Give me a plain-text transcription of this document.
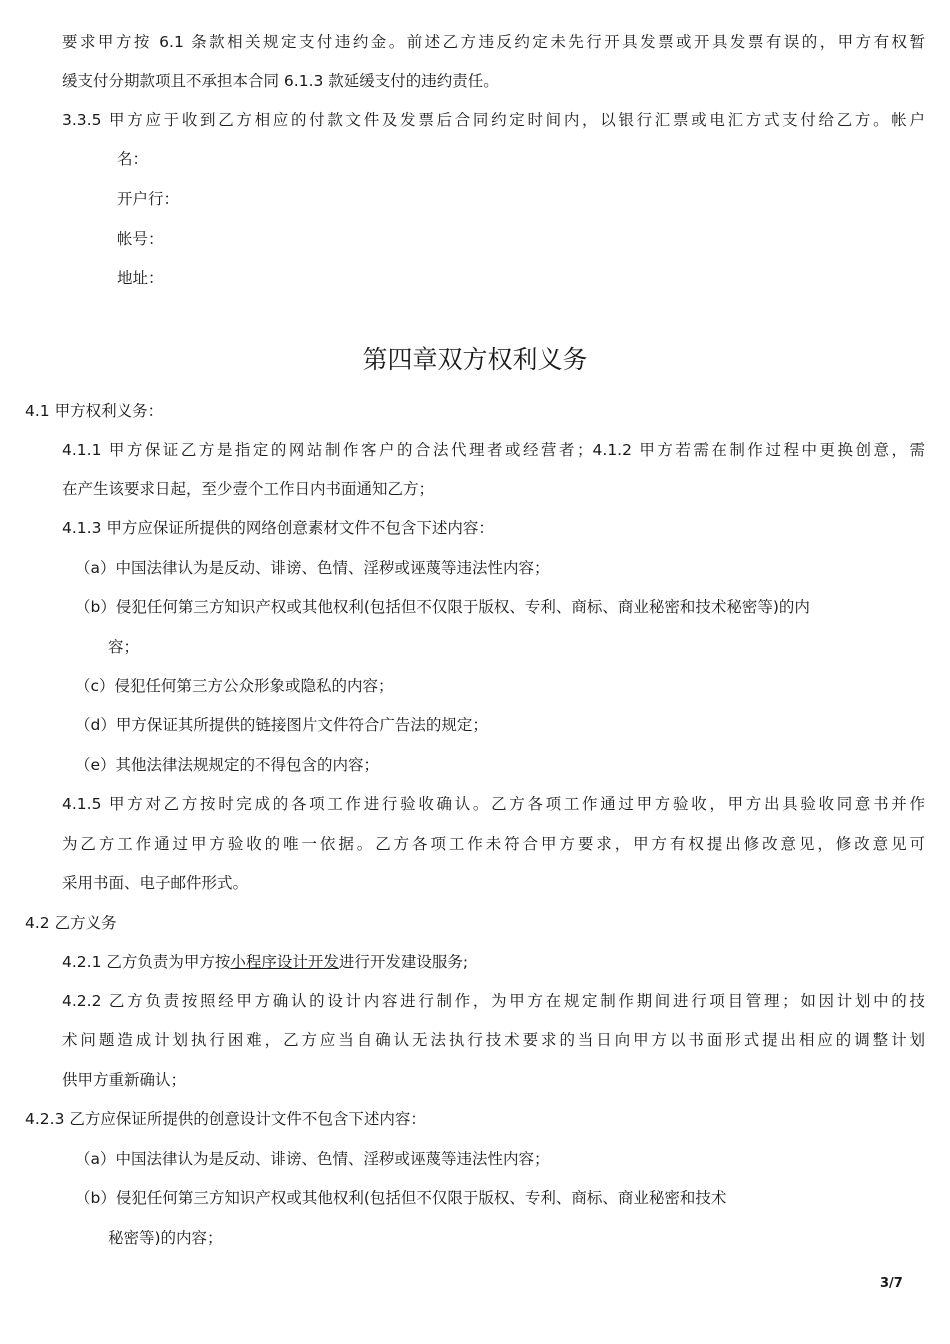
要求甲方按 6.1 条款相关规定支付违约金。前述乙方违反约定未先行开具发票或开具发票有误的，甲方有权暂
缓支付分期款项且不承担本合同 6.1.3 款延缓支付的违约责任。
3.3.5 甲方应于收到乙方相应的付款文件及发票后合同约定时间内，以银行汇票或电汇方式支付给乙方。帐户
名：
开户行：
帐号：
地址：
第四章双方权利义务
4.1 甲方权利义务：
4.1.1 甲方保证乙方是指定的网站制作客户的合法代理者或经营者；4.1.2 甲方若需在制作过程中更换创意，需
在产生该要求日起，至少壹个工作日内书面通知乙方；
4.1.3 甲方应保证所提供的网络创意素材文件不包含下述内容：
（a）中国法律认为是反动、诽谤、色情、淫秽或诬蔑等违法性内容；
（b）侵犯任何第三方知识产权或其他权利(包括但不仅限于版权、专利、商标、商业秘密和技术秘密等)的内
容；
（c）侵犯任何第三方公众形象或隐私的内容；
（d）甲方保证其所提供的链接图片文件符合广告法的规定；
（e）其他法律法规规定的不得包含的内容；
4.1.5 甲方对乙方按时完成的各项工作进行验收确认。乙方各项工作通过甲方验收，甲方出具验收同意书并作
为乙方工作通过甲方验收的唯一依据。乙方各项工作未符合甲方要求，甲方有权提出修改意见，修改意见可
采用书面、电子邮件形式。
4.2 乙方义务
4.2.1 乙方负责为甲方按小程序设计开发进行开发建设服务;
4.2.2 乙方负责按照经甲方确认的设计内容进行制作，为甲方在规定制作期间进行项目管理；如因计划中的技
术问题造成计划执行困难，乙方应当自确认无法执行技术要求的当日向甲方以书面形式提出相应的调整计划
供甲方重新确认；
4.2.3 乙方应保证所提供的创意设计文件不包含下述内容：
（a）中国法律认为是反动、诽谤、色情、淫秽或诬蔑等违法性内容；
（b）侵犯任何第三方知识产权或其他权利(包括但不仅限于版权、专利、商标、商业秘密和技术
秘密等)的内容；
3/7
